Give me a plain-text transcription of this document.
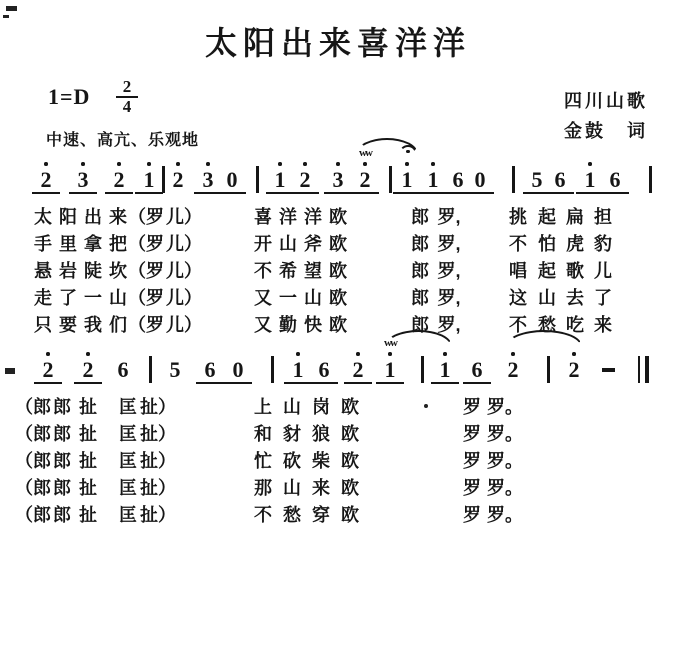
太阳出来喜洋洋
$1=D \frac{2}{4}$	四川山歌
金鼓　词
中速、高亢、乐观地
2	3	2 1 2 3 0	1 2	3 2	1 1 6 0	5 6 1 6
ww
太 阳 出 来 （罗 儿）	喜 洋 洋 欧	郎 罗,	挑 起 扁 担
手 里 拿 把 （罗 儿）	开 山 斧 欧	郎 罗,	不 怕 虎 豹
悬 岩 陡 坎 （罗 儿）	不 希 望 欧	郎 罗,	唱 起 歌 儿
走 了 一 山 （罗 儿）	又 一 山 欧	郎 罗,	这 山 去 了
只 要 我 们 （罗 儿）	又 勤 快 欧	郎 罗,	不 愁 吃 来
2	2	6	5	6 0	1 6	2 1	1 6	2	2
ww
（郎 郎 扯 匡 扯）	上 山 岗 欧	罗 罗。
（郎 郎 扯 匡 扯）	和 豺 狼 欧	罗 罗。
（郎 郎 扯 匡 扯）	忙 砍 柴 欧	罗 罗。
（郎 郎 扯 匡 扯）	那 山 来 欧	罗 罗。
（郎 郎 扯 匡 扯）	不 愁 穿 欧	罗 罗。
